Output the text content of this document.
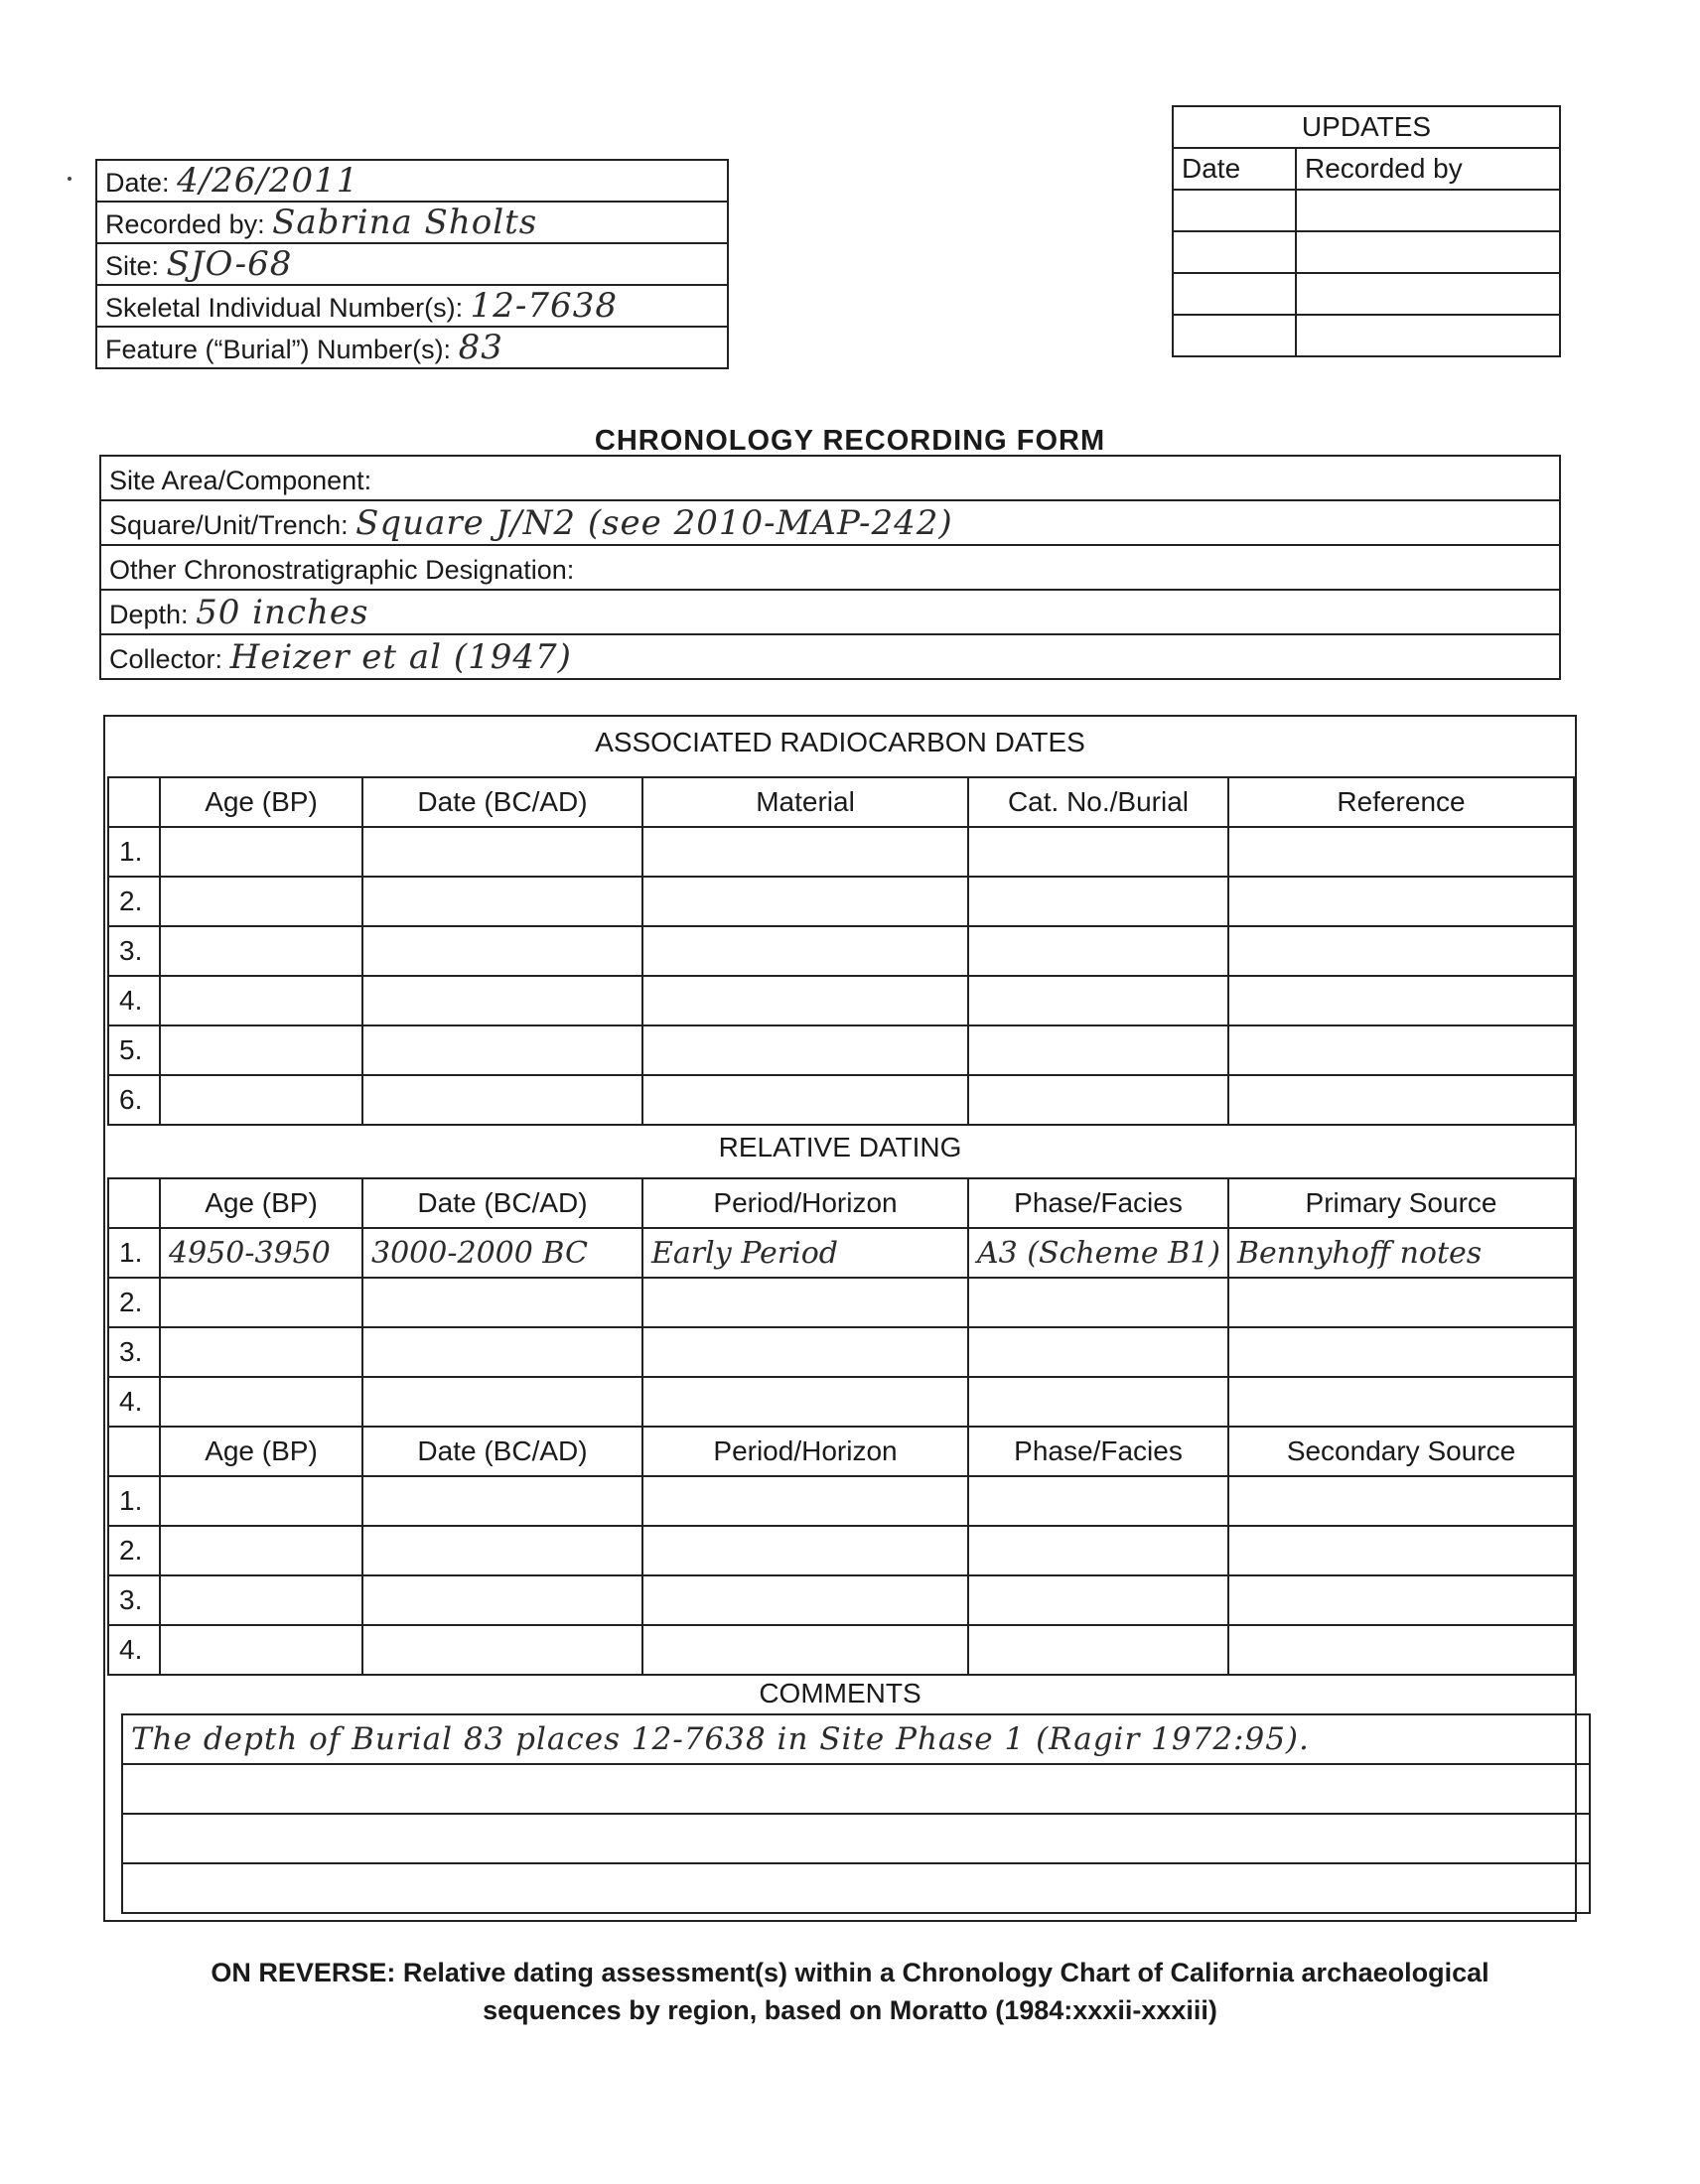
Date: 4/26/2011
Recorded by: Sabrina Sholts
Site: SJO-68
Skeletal Individual Number(s): 12-7638
Feature (“Burial”) Number(s): 83
UPDATES	
Date	Recorded by

CHRONOLOGY RECORDING FORM
Site Area/Component:
Square/Unit/Trench: Square J/N2 (see 2010-MAP-242)
Other Chronostratigraphic Designation:
Depth: 50 inches
Collector: Heizer et al (1947)
ASSOCIATED RADIOCARBON DATES
	Age (BP)	Date (BC/AD)	Material	Cat. No./Burial	Reference
1.					
2.					
3.					
4.					
5.					
6.					
RELATIVE DATING
	Age (BP)	Date (BC/AD)	Period/Horizon	Phase/Facies	Primary Source
1.	4950-3950	3000-2000 BC	Early Period	A3 (Scheme B1)	Bennyhoff notes
2.					
3.					
4.					
	Age (BP)	Date (BC/AD)	Period/Horizon	Phase/Facies	Secondary Source
1.					
2.					
3.					
4.					
COMMENTS
The depth of Burial 83 places 12-7638 in Site Phase 1 (Ragir 1972:95).

ON REVERSE: Relative dating assessment(s) within a Chronology Chart of California archaeological
sequences by region, based on Moratto (1984:xxxii-xxxiii)
